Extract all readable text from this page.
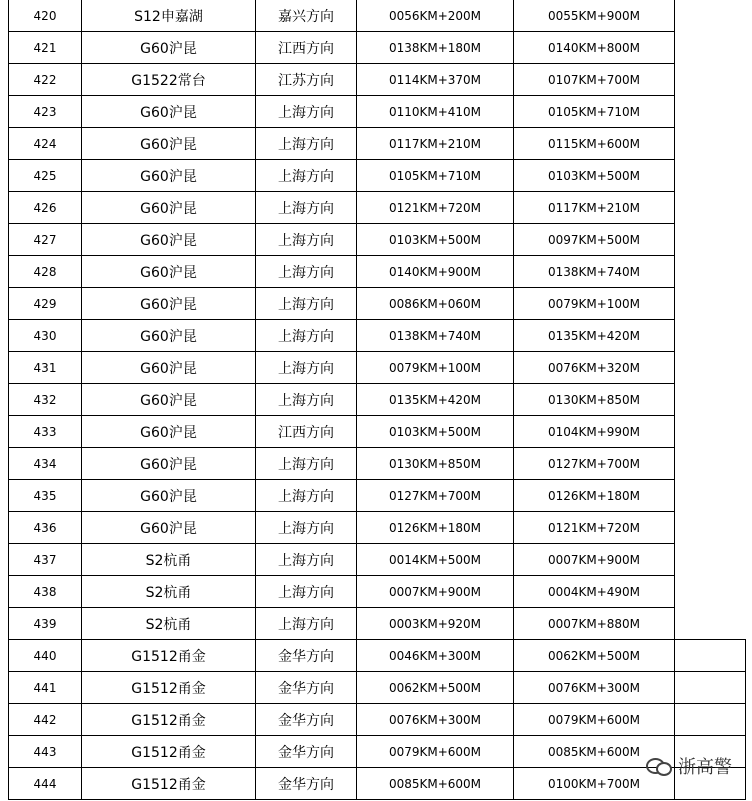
420	S12申嘉湖	嘉兴方向	0056KM+200M	0055KM+900M	
421	G60沪昆	江西方向	0138KM+180M	0140KM+800M	
422	G1522常台	江苏方向	0114KM+370M	0107KM+700M	
423	G60沪昆	上海方向	0110KM+410M	0105KM+710M	
424	G60沪昆	上海方向	0117KM+210M	0115KM+600M	
425	G60沪昆	上海方向	0105KM+710M	0103KM+500M	
426	G60沪昆	上海方向	0121KM+720M	0117KM+210M	
427	G60沪昆	上海方向	0103KM+500M	0097KM+500M	
428	G60沪昆	上海方向	0140KM+900M	0138KM+740M	
429	G60沪昆	上海方向	0086KM+060M	0079KM+100M	
430	G60沪昆	上海方向	0138KM+740M	0135KM+420M	
431	G60沪昆	上海方向	0079KM+100M	0076KM+320M	
432	G60沪昆	上海方向	0135KM+420M	0130KM+850M	
433	G60沪昆	江西方向	0103KM+500M	0104KM+990M	
434	G60沪昆	上海方向	0130KM+850M	0127KM+700M	
435	G60沪昆	上海方向	0127KM+700M	0126KM+180M	
436	G60沪昆	上海方向	0126KM+180M	0121KM+720M	
437	S2杭甬	上海方向	0014KM+500M	0007KM+900M	
438	S2杭甬	上海方向	0007KM+900M	0004KM+490M	
439	S2杭甬	上海方向	0003KM+920M	0007KM+880M	
440	G1512甬金	金华方向	0046KM+300M	0062KM+500M	
441	G1512甬金	金华方向	0062KM+500M	0076KM+300M	
442	G1512甬金	金华方向	0076KM+300M	0079KM+600M	
443	G1512甬金	金华方向	0079KM+600M	0085KM+600M	
444	G1512甬金	金华方向	0085KM+600M	0100KM+700M	
浙高警
